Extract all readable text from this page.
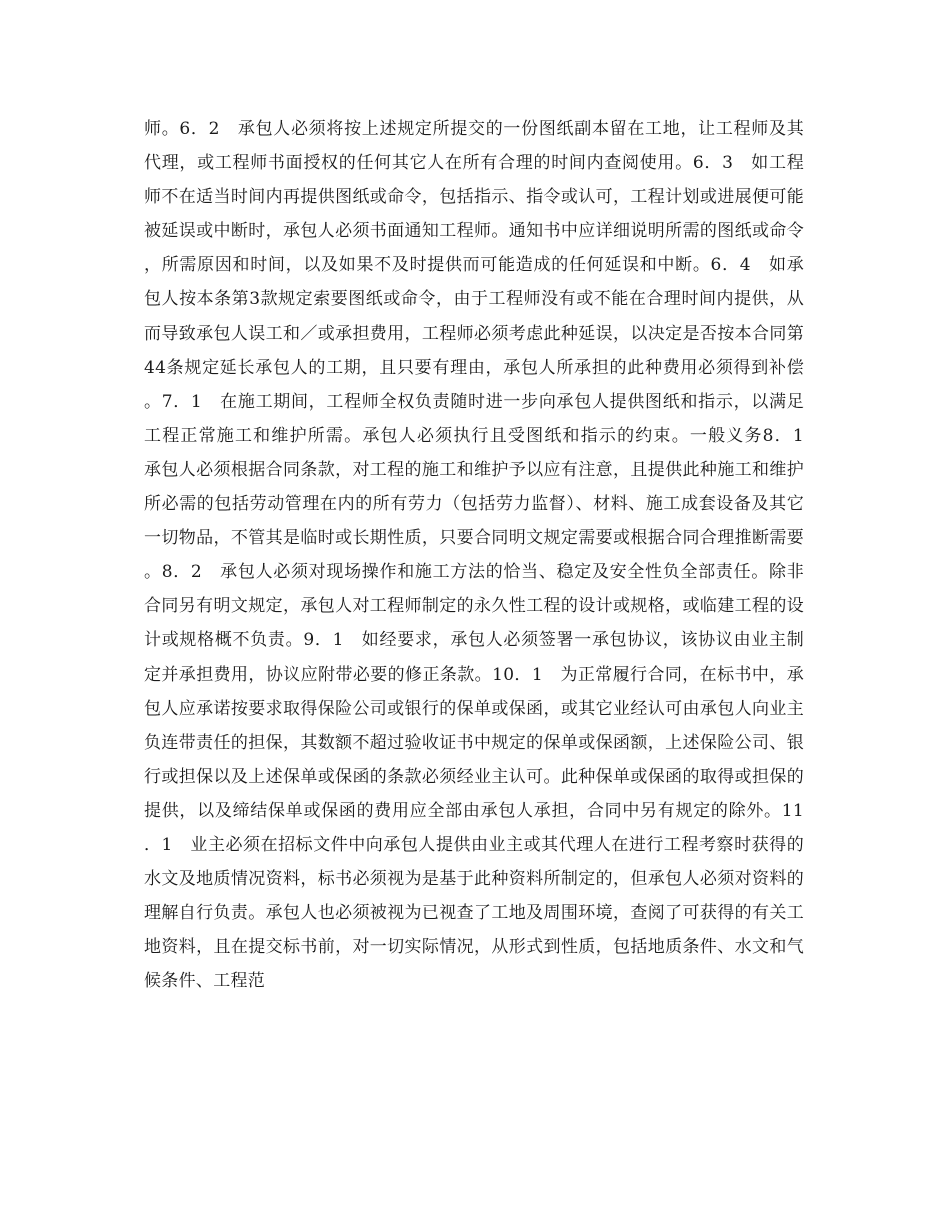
师。6．2　承包人必须将按上述规定所提交的一份图纸副本留在工地，让工程师及其代理，或工程师书面授权的任何其它人在所有合理的时间内查阅使用。6．3　如工程师不在适当时间内再提供图纸或命令，包括指示、指令或认可，工程计划或进展便可能被延误或中断时，承包人必须书面通知工程师。通知书中应详细说明所需的图纸或命令，所需原因和时间，以及如果不及时提供而可能造成的任何延误和中断。6．4　如承包人按本条第3款规定索要图纸或命令，由于工程师没有或不能在合理时间内提供，从而导致承包人误工和／或承担费用，工程师必须考虑此种延误，以决定是否按本合同第44条规定延长承包人的工期，且只要有理由，承包人所承担的此种费用必须得到补偿。7．1　在施工期间，工程师全权负责随时进一步向承包人提供图纸和指示，以满足工程正常施工和维护所需。承包人必须执行且受图纸和指示的约束。一般义务8．1　承包人必须根据合同条款，对工程的施工和维护予以应有注意，且提供此种施工和维护所必需的包括劳动管理在内的所有劳力（包括劳力监督）、材料、施工成套设备及其它一切物品，不管其是临时或长期性质，只要合同明文规定需要或根据合同合理推断需要。8．2　承包人必须对现场操作和施工方法的恰当、稳定及安全性负全部责任。除非合同另有明文规定，承包人对工程师制定的永久性工程的设计或规格，或临建工程的设计或规格概不负责。9．1　如经要求，承包人必须签署一承包协议，该协议由业主制定并承担费用，协议应附带必要的修正条款。10．1　为正常履行合同，在标书中，承包人应承诺按要求取得保险公司或银行的保单或保函，或其它业经认可由承包人向业主负连带责任的担保，其数额不超过验收证书中规定的保单或保函额，上述保险公司、银行或担保以及上述保单或保函的条款必须经业主认可。此种保单或保函的取得或担保的提供，以及缔结保单或保函的费用应全部由承包人承担，合同中另有规定的除外。11．1　业主必须在招标文件中向承包人提供由业主或其代理人在进行工程考察时获得的水文及地质情况资料，标书必须视为是基于此种资料所制定的，但承包人必须对资料的理解自行负责。承包人也必须被视为已视查了工地及周围环境，查阅了可获得的有关工地资料，且在提交标书前，对一切实际情况，从形式到性质，包括地质条件、水文和气候条件、工程范
